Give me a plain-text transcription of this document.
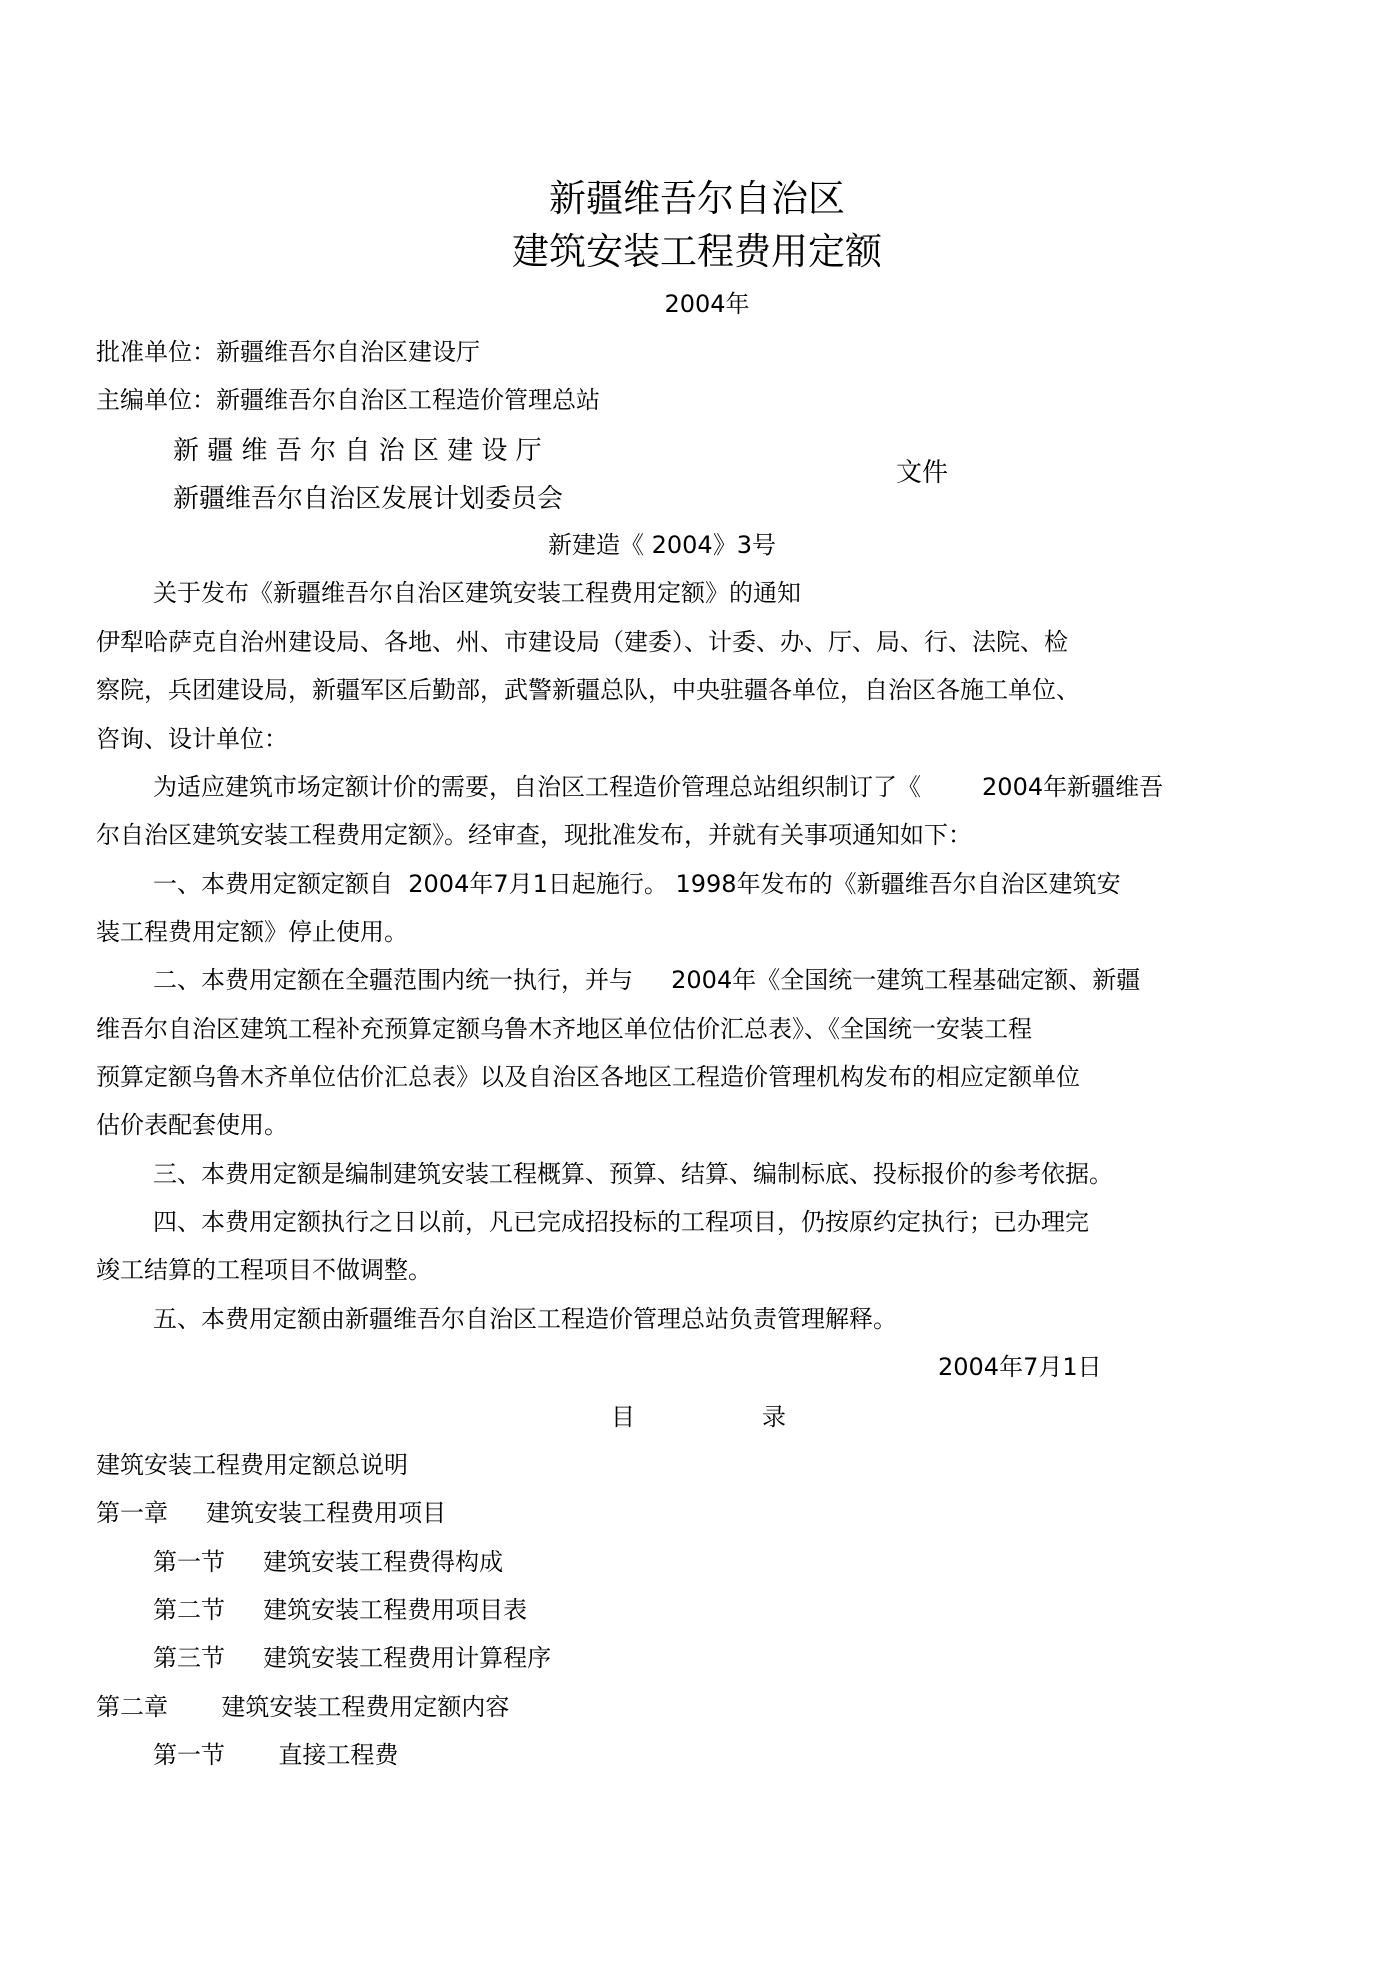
新疆维吾尔自治区
建筑安装工程费用定额
2004年
批准单位：新疆维吾尔自治区建设厅
主编单位：新疆维吾尔自治区工程造价管理总站
新 疆 维 吾 尔 自 治 区 建 设 厅
新疆维吾尔自治区发展计划委员会
文件
新建造《 2004》3号
关于发布《新疆维吾尔自治区建筑安装工程费用定额》的通知
伊犁哈萨克自治州建设局、各地、州、市建设局（建委）、计委、办、厅、局、行、法院、检
察院，兵团建设局，新疆军区后勤部，武警新疆总队，中央驻疆各单位，自治区各施工单位、
咨询、设计单位：
为适应建筑市场定额计价的需要，自治区工程造价管理总站组织制订了《        2004年新疆维吾
尔自治区建筑安装工程费用定额》。经审查，现批准发布，并就有关事项通知如下：
一、本费用定额定额自  2004年7月1日起施行。 1998年发布的《新疆维吾尔自治区建筑安
装工程费用定额》停止使用。
二、本费用定额在全疆范围内统一执行，并与     2004年《全国统一建筑工程基础定额、新疆
维吾尔自治区建筑工程补充预算定额乌鲁木齐地区单位估价汇总表》、《全国统一安装工程
预算定额乌鲁木齐单位估价汇总表》以及自治区各地区工程造价管理机构发布的相应定额单位
估价表配套使用。
三、本费用定额是编制建筑安装工程概算、预算、结算、编制标底、投标报价的参考依据。
四、本费用定额执行之日以前，凡已完成招投标的工程项目，仍按原约定执行；已办理完
竣工结算的工程项目不做调整。
五、本费用定额由新疆维吾尔自治区工程造价管理总站负责管理解释。
2004年7月1日
目	录
建筑安装工程费用定额总说明
第一章     建筑安装工程费用项目
第一节     建筑安装工程费得构成
第二节     建筑安装工程费用项目表
第三节     建筑安装工程费用计算程序
第二章       建筑安装工程费用定额内容
第一节       直接工程费
